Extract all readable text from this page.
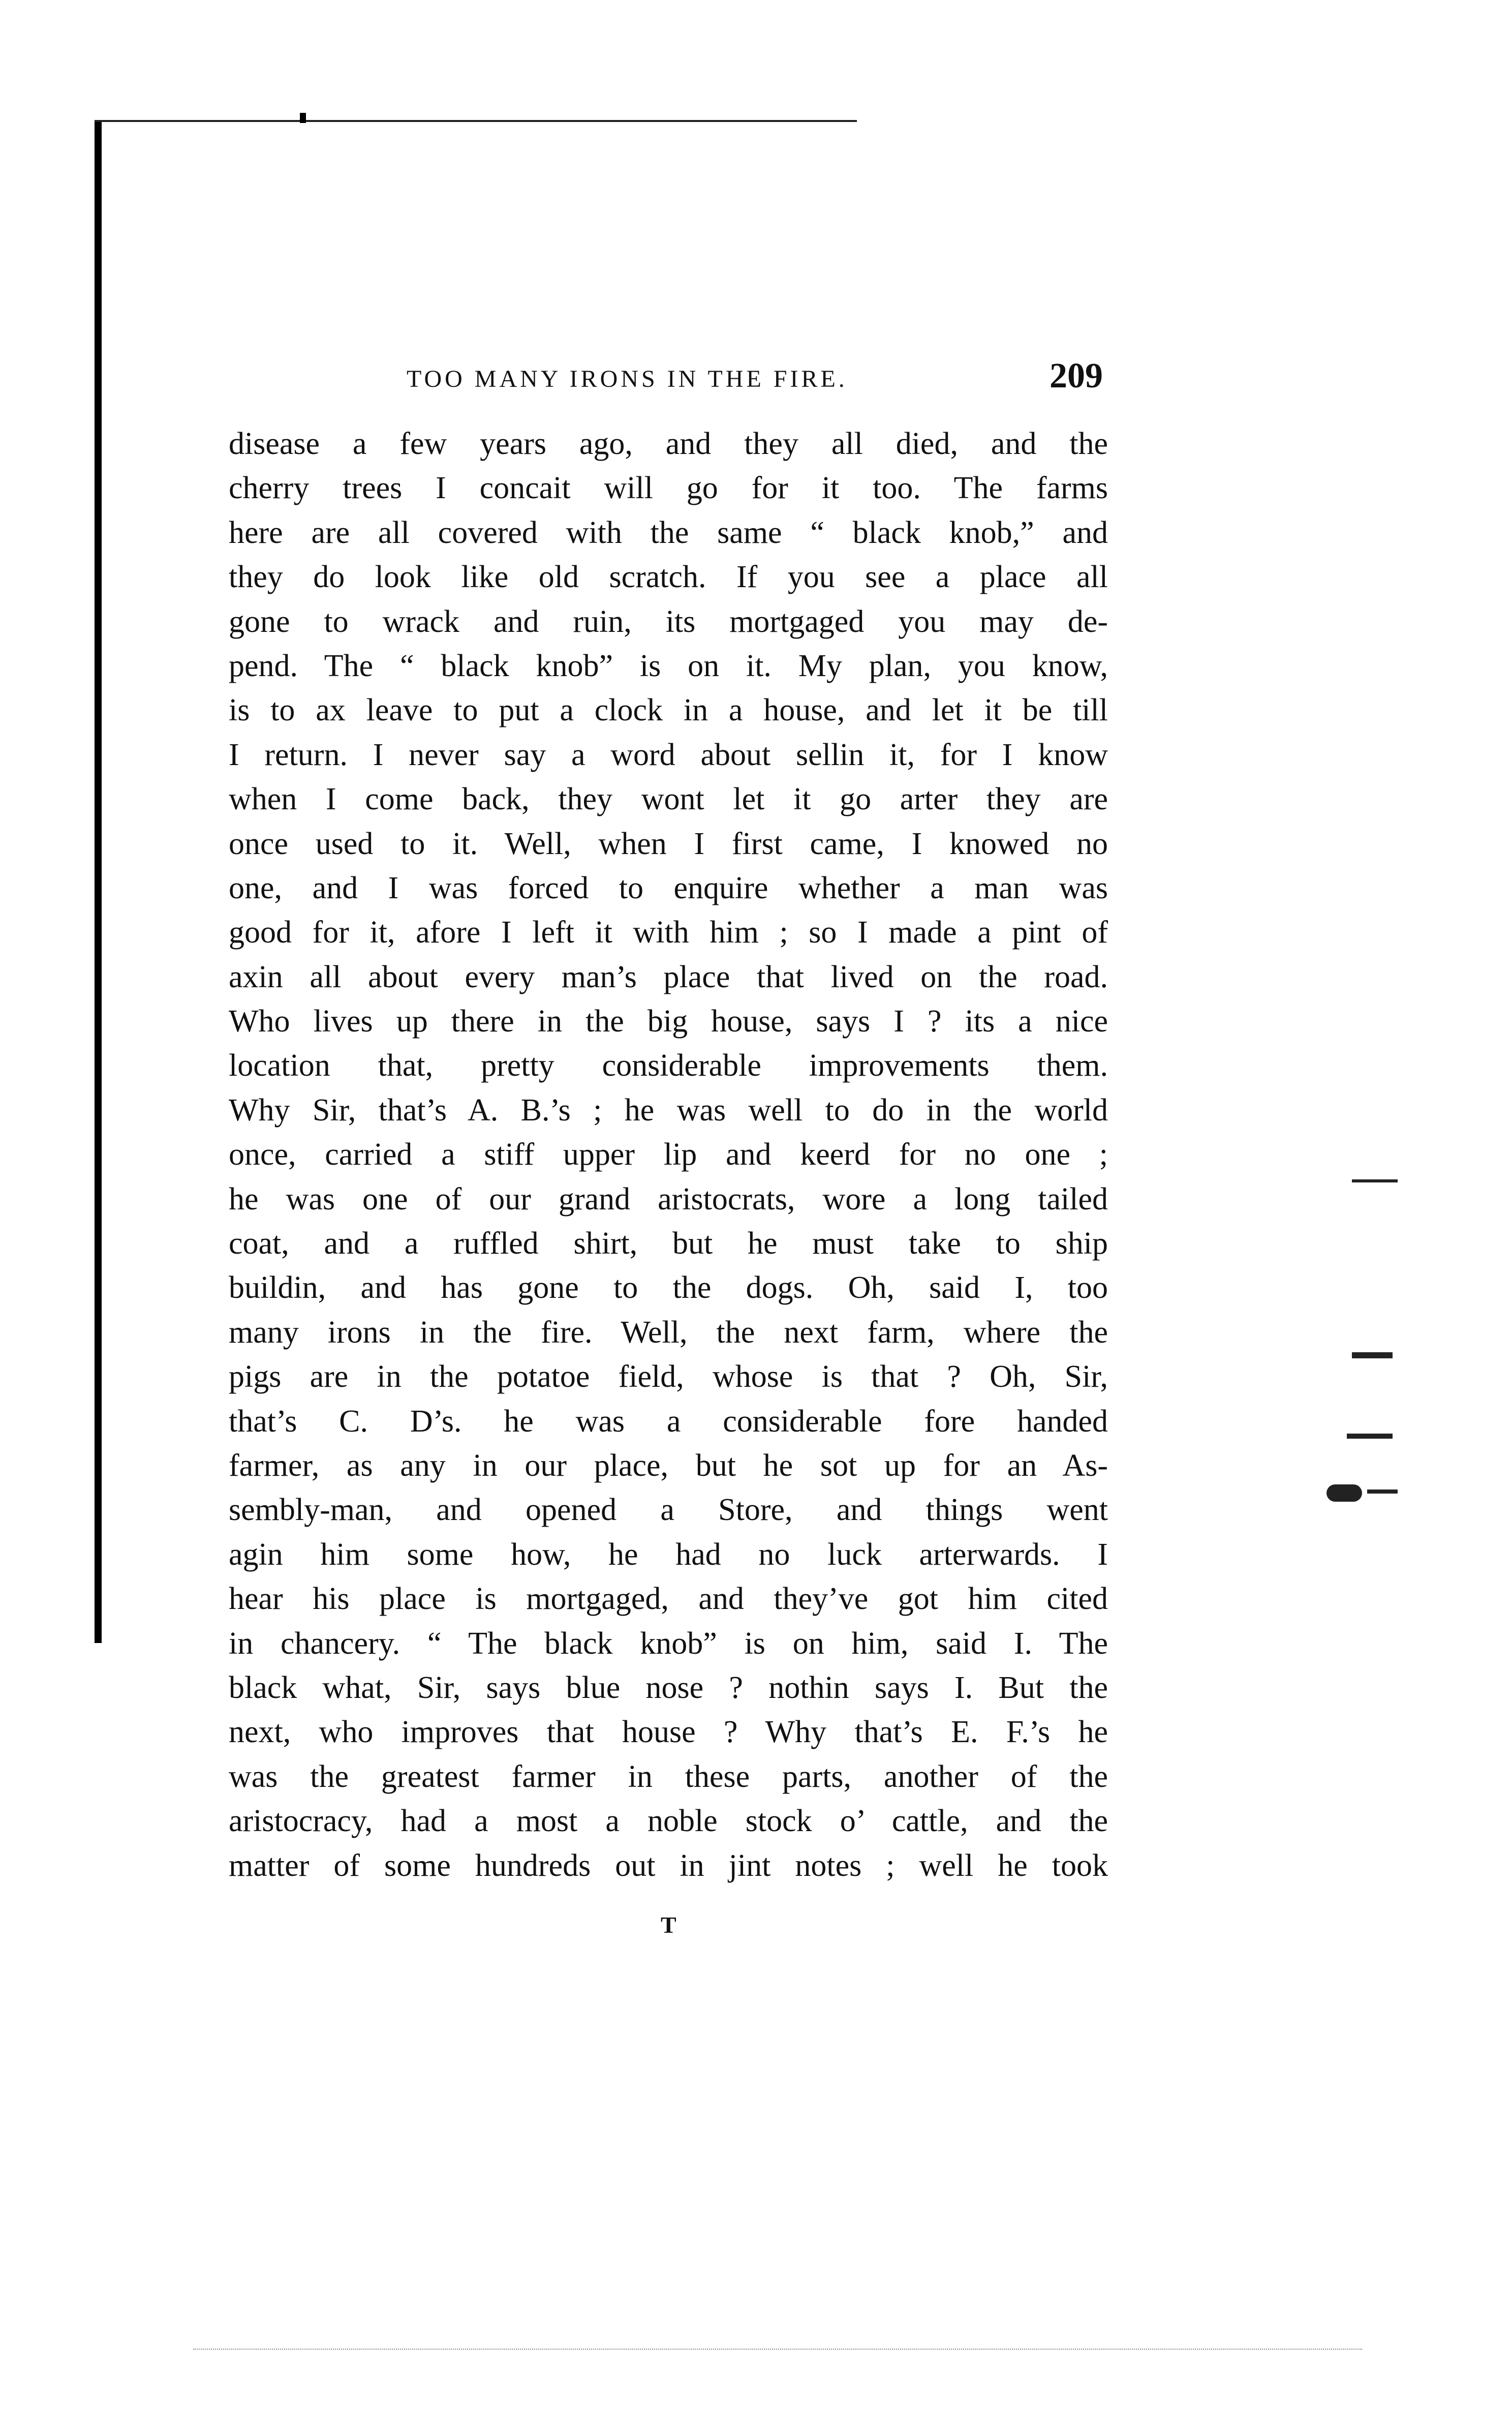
TOO MANY IRONS IN THE FIRE.	209
disease a few years ago, and they all died, and the
cherry trees I concait will go for it too. The farms
here are all covered with the same “ black knob,” and
they do look like old scratch. If you see a place all
gone to wrack and ruin, its mortgaged you may de-
pend. The “ black knob” is on it. My plan, you know,
is to ax leave to put a clock in a house, and let it be till
I return. I never say a word about sellin it, for I know
when I come back, they wont let it go arter they are
once used to it. Well, when I first came, I knowed no
one, and I was forced to enquire whether a man was
good for it, afore I left it with him ; so I made a pint of
axin all about every man’s place that lived on the road.
Who lives up there in the big house, says I ? its a nice
location that, pretty considerable improvements them.
Why Sir, that’s A. B.’s ; he was well to do in the world
once, carried a stiff upper lip and keerd for no one ;
he was one of our grand aristocrats, wore a long tailed
coat, and a ruffled shirt, but he must take to ship
buildin, and has gone to the dogs. Oh, said I, too
many irons in the fire. Well, the next farm, where the
pigs are in the potatoe field, whose is that ? Oh, Sir,
that’s C. D’s. he was a considerable fore handed
farmer, as any in our place, but he sot up for an As-
sembly-man, and opened a Store, and things went
agin him some how, he had no luck arterwards. I
hear his place is mortgaged, and they’ve got him cited
in chancery. “ The black knob” is on him, said I. The
black what, Sir, says blue nose ? nothin says I. But the
next, who improves that house ? Why that’s E. F.’s he
was the greatest farmer in these parts, another of the
aristocracy, had a most a noble stock o’ cattle, and the
matter of some hundreds out in jint notes ; well he took
T
